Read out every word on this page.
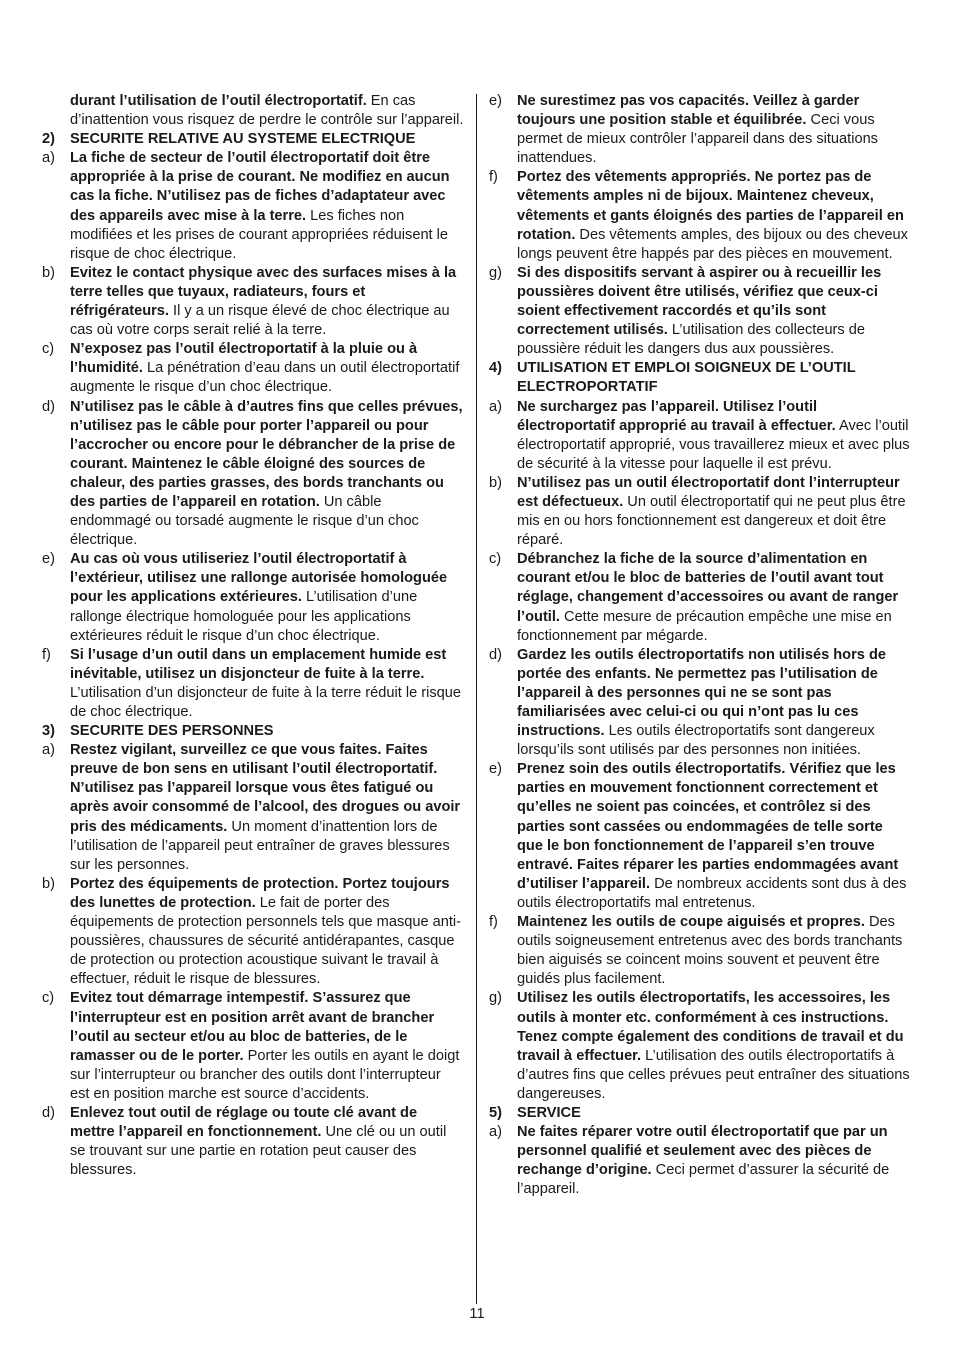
durant l’utilisation de l’outil électroportatif. En cas d’inattention vous risquez de perdre le contrôle sur l’appareil.
2) SECURITE RELATIVE AU SYSTEME ELECTRIQUE
a) La fiche de secteur de l’outil électroportatif doit être appropriée à la prise de courant. Ne modifiez en aucun cas la fiche. N’utilisez pas de fiches d’adaptateur avec des appareils avec mise à la terre. Les fiches non modifiées et les prises de courant appropriées réduisent le risque de choc électrique.
b) Evitez le contact physique avec des surfaces mises à la terre telles que tuyaux, radiateurs, fours et réfrigérateurs. Il y a un risque élevé de choc électrique au cas où votre corps serait relié à la terre.
c) N’exposez pas l’outil électroportatif à la pluie ou à l’humidité. La pénétration d’eau dans un outil électroportatif augmente le risque d’un choc électrique.
d) N’utilisez pas le câble à d’autres fins que celles prévues, n’utilisez pas le câble pour porter l’appareil ou pour l’accrocher ou encore pour le débrancher de la prise de courant. Maintenez le câble éloigné des sources de chaleur, des parties grasses, des bords tranchants ou des parties de l’appareil en rotation. Un câble endommagé ou torsadé augmente le risque d’un choc électrique.
e) Au cas où vous utiliseriez l’outil électroportatif à l’extérieur, utilisez une rallonge autorisée homologuée pour les applications extérieures. L’utilisation d’une rallonge électrique homologuée pour les applications extérieures réduit le risque d’un choc électrique.
f) Si l’usage d’un outil dans un emplacement humide est inévitable, utilisez un disjoncteur de fuite à la terre. L’utilisation d’un disjoncteur de fuite à la terre réduit le risque de choc électrique.
3) SECURITE DES PERSONNES
a) Restez vigilant, surveillez ce que vous faites. Faites preuve de bon sens en utilisant l’outil électroportatif. N’utilisez pas l’appareil lorsque vous êtes fatigué ou après avoir consommé de l’alcool, des drogues ou avoir pris des médicaments. Un moment d’inattention lors de l’utilisation de l’appareil peut entraîner de graves blessures sur les personnes.
b) Portez des équipements de protection. Portez toujours des lunettes de protection. Le fait de porter des équipements de protection personnels tels que masque anti-poussières, chaussures de sécurité antidérapantes, casque de protection ou protection acoustique suivant le travail à effectuer, réduit le risque de blessures.
c) Evitez tout démarrage intempestif. S’assurez que l’interrupteur est en position arrêt avant de brancher l’outil au secteur et/ou au bloc de batteries, de le ramasser ou de le porter. Porter les outils en ayant le doigt sur l’interrupteur ou brancher des outils dont l’interrupteur est en position marche est source d’accidents.
d) Enlevez tout outil de réglage ou toute clé avant de mettre l’appareil en fonctionnement. Une clé ou un outil se trouvant sur une partie en rotation peut causer des blessures.
e) Ne surestimez pas vos capacités. Veillez à garder toujours une position stable et équilibrée. Ceci vous permet de mieux contrôler l’appareil dans des situations inattendues.
f) Portez des vêtements appropriés. Ne portez pas de vêtements amples ni de bijoux. Maintenez cheveux, vêtements et gants éloignés des parties de l’appareil en rotation. Des vêtements amples, des bijoux ou des cheveux longs peuvent être happés par des pièces en mouvement.
g) Si des dispositifs servant à aspirer ou à recueillir les poussières doivent être utilisés, vérifiez que ceux-ci soient effectivement raccordés et qu’ils sont correctement utilisés. L’utilisation des collecteurs de poussière réduit les dangers dus aux poussières.
4) UTILISATION ET EMPLOI SOIGNEUX DE L’OUTIL ELECTROPORTATIF
a) Ne surchargez pas l’appareil. Utilisez l’outil électroportatif approprié au travail à effectuer. Avec l’outil électroportatif approprié, vous travaillerez mieux et avec plus de sécurité à la vitesse pour laquelle il est prévu.
b) N’utilisez pas un outil électroportatif dont l’interrupteur est défectueux. Un outil électroportatif qui ne peut plus être mis en ou hors fonctionnement est dangereux et doit être réparé.
c) Débranchez la fiche de la source d’alimentation en courant et/ou le bloc de batteries de l’outil avant tout réglage, changement d’accessoires ou avant de ranger l’outil. Cette mesure de précaution empêche une mise en fonctionnement par mégarde.
d) Gardez les outils électroportatifs non utilisés hors de portée des enfants. Ne permettez pas l’utilisation de l’appareil à des personnes qui ne se sont pas familiarisées avec celui-ci ou qui n’ont pas lu ces instructions. Les outils électroportatifs sont dangereux lorsqu’ils sont utilisés par des personnes non initiées.
e) Prenez soin des outils électroportatifs. Vérifiez que les parties en mouvement fonctionnent correctement et qu’elles ne soient pas coincées, et contrôlez si des parties sont cassées ou endommagées de telle sorte que le bon fonctionnement de l’appareil s’en trouve entravé. Faites réparer les parties endommagées avant d’utiliser l’appareil. De nombreux accidents sont dus à des outils électroportatifs mal entretenus.
f) Maintenez les outils de coupe aiguisés et propres. Des outils soigneusement entretenus avec des bords tranchants bien aiguisés se coincent moins souvent et peuvent être guidés plus facilement.
g) Utilisez les outils électroportatifs, les accessoires, les outils à monter etc. conformément à ces instructions. Tenez compte également des conditions de travail et du travail à effectuer. L’utilisation des outils électroportatifs à d’autres fins que celles prévues peut entraîner des situations dangereuses.
5) SERVICE
a) Ne faites réparer votre outil électroportatif que par un personnel qualifié et seulement avec des pièces de rechange d’origine. Ceci permet d’assurer la sécurité de l’appareil.
11
